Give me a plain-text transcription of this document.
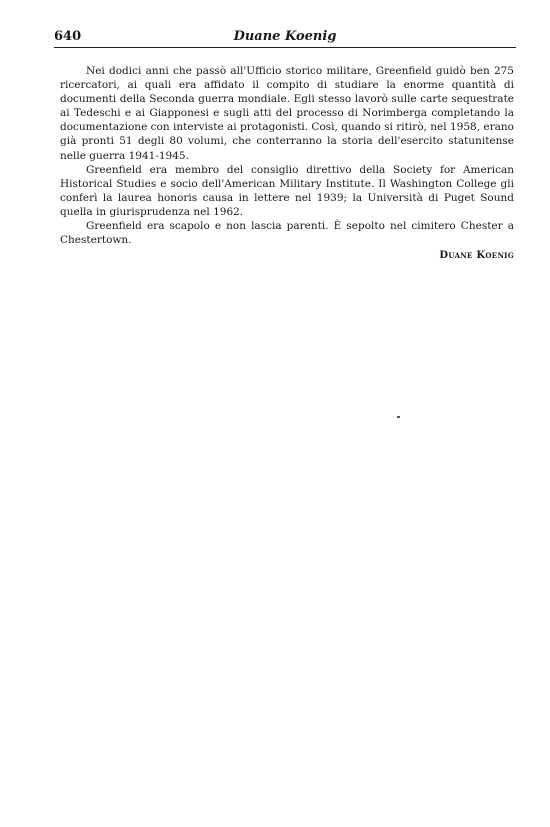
640	Duane Koenig

Nei dodici anni che passò all'Ufficio storico militare, Greenfield guidò ben 275 ricercatori, ai quali era affidato il compito di studiare la enorme quantità di documenti della Seconda guerra mondiale. Egli stesso lavorò sulle carte sequestrate ai Tedeschi e ai Giapponesi e sugli atti del processo di Norimberga completando la documentazione con interviste ai protagonisti. Così, quando si ritirò, nel 1958, erano già pronti 51 degli 80 volumi, che conterranno la storia dell'esercito statunitense nelle guerra 1941-1945.

Greenfield era membro del consiglio direttivo della Society for American Historical Studies e socio dell'American Military Institute. Il Washington College gli conferì la laurea honoris causa in lettere nel 1939; la Università di Puget Sound quella in giurisprudenza nel 1962.

Greenfield era scapolo e non lascia parenti. È sepolto nel cimitero Chester a Chestertown.

Duane Koenig
